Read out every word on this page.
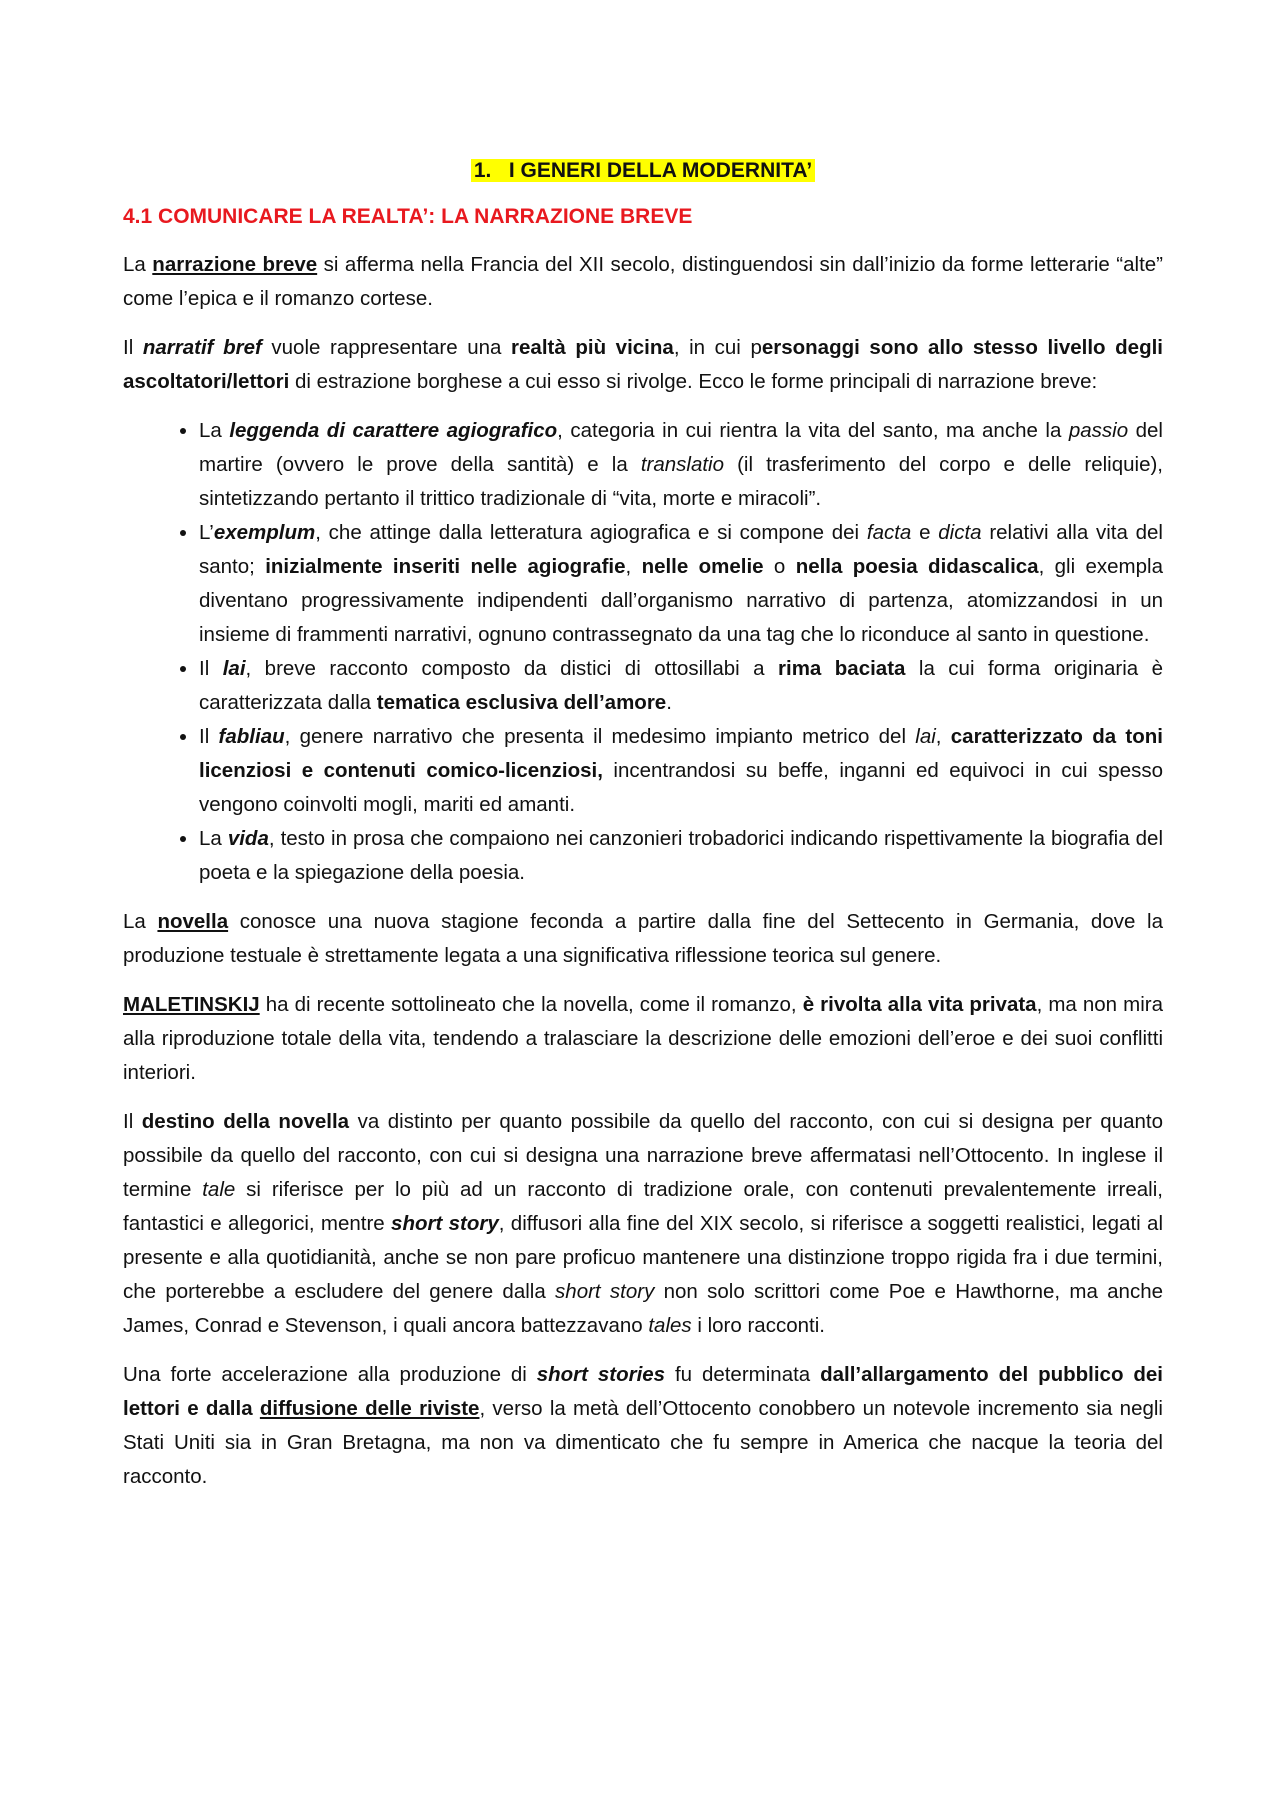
1. I GENERI DELLA MODERNITA’
4.1 COMUNICARE LA REALTA’: LA NARRAZIONE BREVE

La narrazione breve si afferma nella Francia del XII secolo, distinguendosi sin dall’inizio da forme letterarie “alte” come l’epica e il romanzo cortese.

Il narratif bref vuole rappresentare una realtà più vicina, in cui personaggi sono allo stesso livello degli ascoltatori/lettori di estrazione borghese a cui esso si rivolge. Ecco le forme principali di narrazione breve:

• La leggenda di carattere agiografico, categoria in cui rientra la vita del santo, ma anche la passio del martire (ovvero le prove della santità) e la translatio (il trasferimento del corpo e delle reliquie), sintetizzando pertanto il trittico tradizionale di “vita, morte e miracoli”.
• L’exemplum, che attinge dalla letteratura agiografica e si compone dei facta e dicta relativi alla vita del santo; inizialmente inseriti nelle agiografie, nelle omelie o nella poesia didascalica, gli exempla diventano progressivamente indipendenti dall’organismo narrativo di partenza, atomizzandosi in un insieme di frammenti narrativi, ognuno contrassegnato da una tag che lo riconduce al santo in questione.
• Il lai, breve racconto composto da distici di ottosillabi a rima baciata la cui forma originaria è caratterizzata dalla tematica esclusiva dell’amore.
• Il fabliau, genere narrativo che presenta il medesimo impianto metrico del lai, caratterizzato da toni licenziosi e contenuti comico-licenziosi, incentrandosi su beffe, inganni ed equivoci in cui spesso vengono coinvolti mogli, mariti ed amanti.
• La vida, testo in prosa che compaiono nei canzonieri trobadorici indicando rispettivamente la biografia del poeta e la spiegazione della poesia.

La novella conosce una nuova stagione feconda a partire dalla fine del Settecento in Germania, dove la produzione testuale è strettamente legata a una significativa riflessione teorica sul genere.

MALETINSKIJ ha di recente sottolineato che la novella, come il romanzo, è rivolta alla vita privata, ma non mira alla riproduzione totale della vita, tendendo a tralasciare la descrizione delle emozioni dell’eroe e dei suoi conflitti interiori.

Il destino della novella va distinto per quanto possibile da quello del racconto, con cui si designa per quanto possibile da quello del racconto, con cui si designa una narrazione breve affermatasi nell’Ottocento. In inglese il termine tale si riferisce per lo più ad un racconto di tradizione orale, con contenuti prevalentemente irreali, fantastici e allegorici, mentre short story, diffusori alla fine del XIX secolo, si riferisce a soggetti realistici, legati al presente e alla quotidianità, anche se non pare proficuo mantenere una distinzione troppo rigida fra i due termini, che porterebbe a escludere del genere dalla short story non solo scrittori come Poe e Hawthorne, ma anche James, Conrad e Stevenson, i quali ancora battezzavano tales i loro racconti.

Una forte accelerazione alla produzione di short stories fu determinata dall’allargamento del pubblico dei lettori e dalla diffusione delle riviste, verso la metà dell’Ottocento conobbero un notevole incremento sia negli Stati Uniti sia in Gran Bretagna, ma non va dimenticato che fu sempre in America che nacque la teoria del racconto.
